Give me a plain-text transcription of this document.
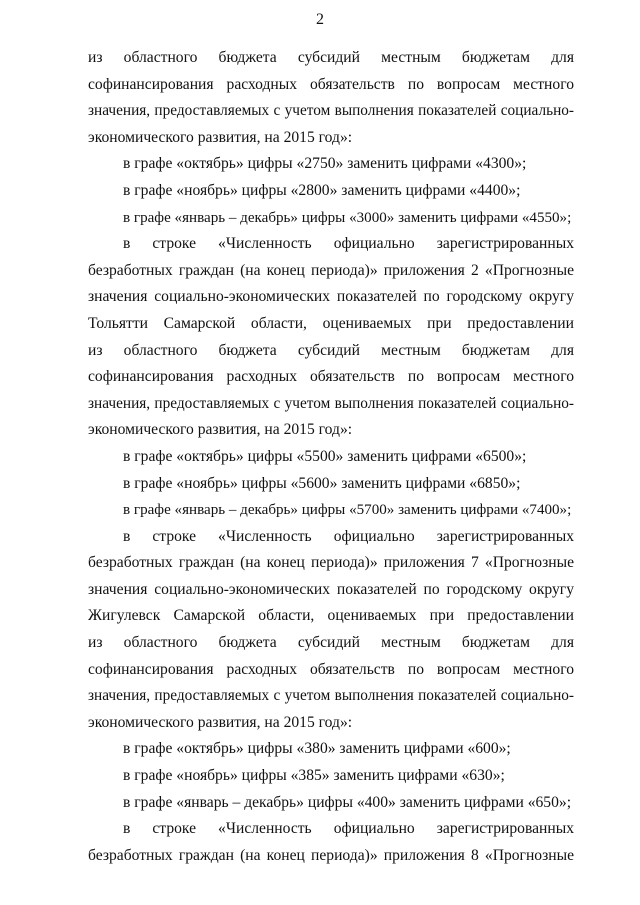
2

из областного бюджета субсидий местным бюджетам для

софинансирования расходных обязательств по вопросам местного

значения, предоставляемых с учетом выполнения показателей социально-

экономического развития, на 2015 год»:

в графе «октябрь» цифры «2750» заменить цифрами «4300»;

в графе «ноябрь» цифры «2800» заменить цифрами «4400»;

в графе «январь – декабрь» цифры «3000» заменить цифрами «4550»;

в строке «Численность официально зарегистрированных

безработных граждан (на конец периода)» приложения 2 «Прогнозные

значения социально-экономических показателей по городскому округу

Тольятти Самарской области, оцениваемых при предоставлении

из областного бюджета субсидий местным бюджетам для

софинансирования расходных обязательств по вопросам местного

значения, предоставляемых с учетом выполнения показателей социально-

экономического развития, на 2015 год»:

в графе «октябрь» цифры «5500» заменить цифрами «6500»;

в графе «ноябрь» цифры «5600» заменить цифрами «6850»;

в графе «январь – декабрь» цифры «5700» заменить цифрами «7400»;

в строке «Численность официально зарегистрированных

безработных граждан (на конец периода)» приложения 7 «Прогнозные

значения социально-экономических показателей по городскому округу

Жигулевск Самарской области, оцениваемых при предоставлении

из областного бюджета субсидий местным бюджетам для

софинансирования расходных обязательств по вопросам местного

значения, предоставляемых с учетом выполнения показателей социально-

экономического развития, на 2015 год»:

в графе «октябрь» цифры «380» заменить цифрами «600»;

в графе «ноябрь» цифры «385» заменить цифрами «630»;

в графе «январь – декабрь» цифры «400» заменить цифрами «650»;

в строке «Численность официально зарегистрированных

безработных граждан (на конец периода)» приложения 8 «Прогнозные
